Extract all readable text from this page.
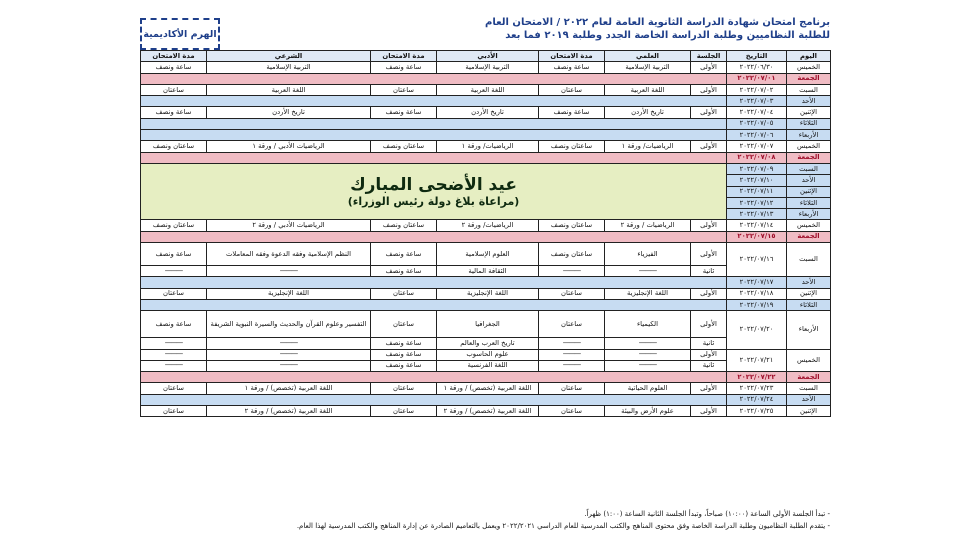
الهرم الأكاديمية
برنامج امتحان شهادة الدراسة الثانوية العامة لعام ٢٠٢٢ / الامتحان العام
للطلبة النظاميين وطلبة الدراسة الخاصة الجدد وطلبة ٢٠١٩ فما بعد
اليوم	التاريخ	الجلسة	العلمي	مدة الامتحان	الأدبي	مدة الامتحان	الشرعي	مدة الامتحان
الخميس	٢٠٢٢/٠٦/٣٠	الأولى	التربية الإسلامية	ساعة ونصف	التربية الإسلامية	ساعة ونصف	التربية الإسلامية	ساعة ونصف
الجمعة	٢٠٢٢/٠٧/٠١							
السبت	٢٠٢٢/٠٧/٠٢	الأولى	اللغة العربية	ساعتان	اللغة العربية	ساعتان	اللغة العربية	ساعتان
الأحد	٢٠٢٢/٠٧/٠٣							
الإثنين	٢٠٢٢/٠٧/٠٤	الأولى	تاريخ الأردن	ساعة ونصف	تاريخ الأردن	ساعة ونصف	تاريخ الأردن	ساعة ونصف
الثلاثاء	٢٠٢٢/٠٧/٠٥							
الأربعاء	٢٠٢٢/٠٧/٠٦							
الخميس	٢٠٢٢/٠٧/٠٧	الأولى	الرياضيات/ ورقة ١	ساعتان ونصف	الرياضيات/ ورقة ١	ساعتان ونصف	الرياضيات الأدبي / ورقة ١	ساعتان ونصف
الجمعة	٢٠٢٢/٠٧/٠٨							
السبت	٢٠٢٢/٠٧/٠٩	عيد الأضحى المبارك
(مراعاة بلاغ دولة رئيس الوزراء)						

الأحد	٢٠٢٢/٠٧/١٠							
الإثنين	٢٠٢٢/٠٧/١١							
الثلاثاء	٢٠٢٢/٠٧/١٢							
الأربعاء	٢٠٢٢/٠٧/١٣							
الخميس	٢٠٢٢/٠٧/١٤	الأولى	الرياضيات / ورقة ٢	ساعتان ونصف	الرياضيات/ ورقة ٢	ساعتان ونصف	الرياضيات الأدبي / ورقة ٢	ساعتان ونصف
الجمعة	٢٠٢٢/٠٧/١٥							
السبت	٢٠٢٢/٠٧/١٦	الأولى	الفيزياء	ساعتان ونصف	العلوم الإسلامية	ساعة ونصف	النظم الإسلامية وفقه الدعوة وفقه المعاملات	ساعة ونصف
		ثانية	———	———	الثقافة المالية	ساعة ونصف	———	———
الأحد	٢٠٢٢/٠٧/١٧							
الإثنين	٢٠٢٢/٠٧/١٨	الأولى	اللغة الإنجليزية	ساعتان	اللغة الإنجليزية	ساعتان	اللغة الإنجليزية	ساعتان
الثلاثاء	٢٠٢٢/٠٧/١٩							
الأربعاء	٢٠٢٢/٠٧/٢٠	الأولى	الكيمياء	ساعتان	الجغرافيا	ساعتان	التفسير وعلوم القرآن والحديث والسيرة النبوية الشريفة	ساعة ونصف
		ثانية	———	———	تاريخ العرب والعالم	ساعة ونصف	———	———
الخميس	٢٠٢٢/٠٧/٢١	الأولى	———	———	علوم الحاسوب	ساعة ونصف	———	———
		ثانية	———	———	اللغة الفرنسية	ساعة ونصف	———	———
الجمعة	٢٠٢٢/٠٧/٢٢							
السبت	٢٠٢٢/٠٧/٢٣	الأولى	العلوم الحياتية	ساعتان	اللغة العربية (تخصص) / ورقة ١	ساعتان	اللغة العربية (تخصص) / ورقة ١	ساعتان
الأحد	٢٠٢٢/٠٧/٢٤							
الإثنين	٢٠٢٢/٠٧/٢٥	الأولى	علوم الأرض والبيئة	ساعتان	اللغة العربية (تخصص) / ورقة ٢	ساعتان	اللغة العربية (تخصص) / ورقة ٢	ساعتان
- تبدأ الجلسة الأولى الساعة (١٠:٠٠) صباحاً، وتبدأ الجلسة الثانية الساعة (١:٠٠) ظهراً.
- يتقدم الطلبة النظاميون وطلبة الدراسة الخاصة وفق محتوى المناهج والكتب المدرسية للعام الدراسي ٢٠٢٢/٢٠٢١ ويعمل بالتعاميم الصادرة عن إدارة المناهج والكتب المدرسية لهذا العام.
